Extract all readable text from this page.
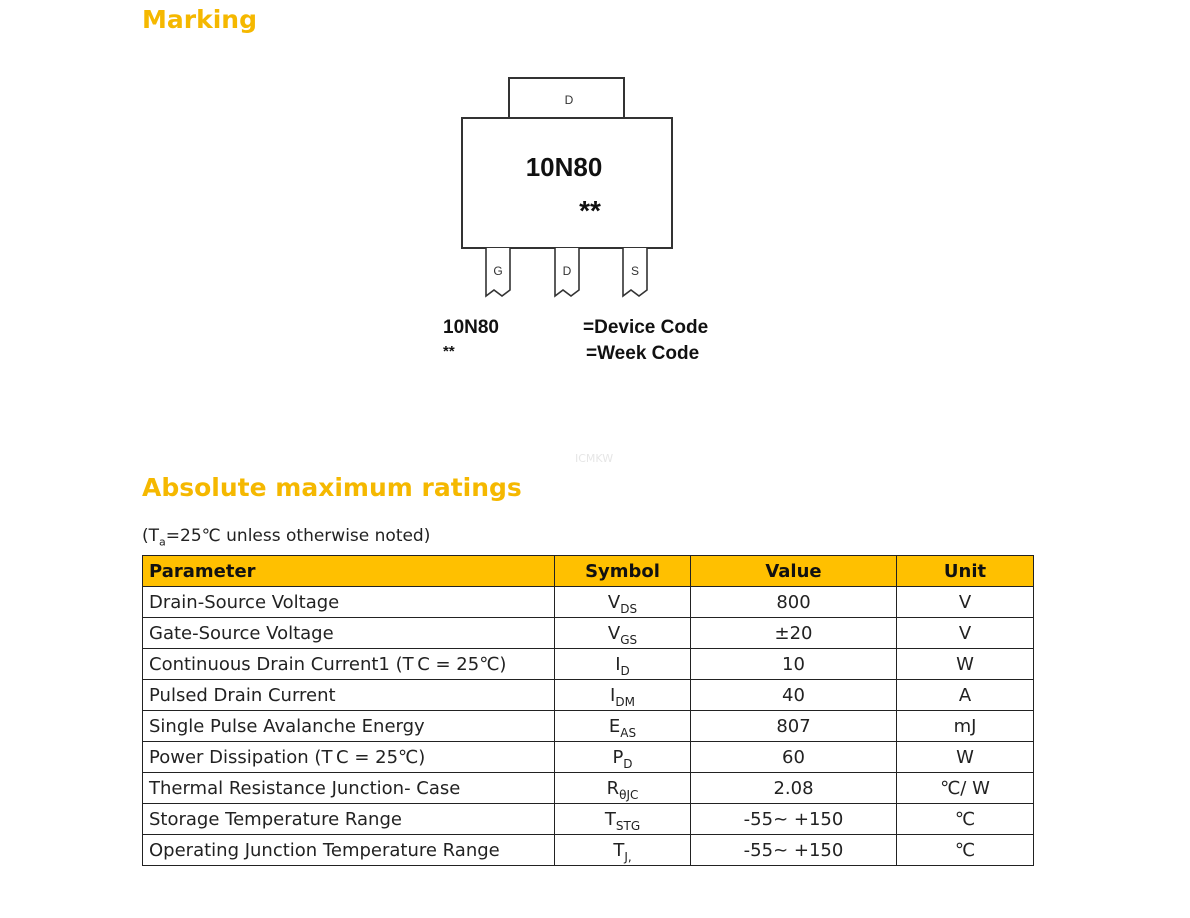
Marking
D
10N80
**
G	D	S
10N80	=Device Code
**	=Week Code
ICMKW
Absolute maximum ratings
($T_a=25℃$ unless otherwise noted)
Parameter	Symbol	Value	Unit
Drain-Source Voltage	$V_{DS}$	800	V
Gate-Source Voltage	$V_{GS}$	±20	V
Continuous Drain Current1 (T C = 25℃)	$I_D$	10	W
Pulsed Drain Current	$I_{DM}$	40	A
Single Pulse Avalanche Energy	$E_{AS}$	807	mJ
Power Dissipation (T C = 25℃)	$P_D$	60	W
Thermal Resistance Junction- Case	$R_{\theta JC}$	2.08	℃/ W
Storage Temperature Range	$T_{STG}$	-55~ +150	℃
Operating Junction Temperature Range	$T_{J,}$	-55~ +150	℃
